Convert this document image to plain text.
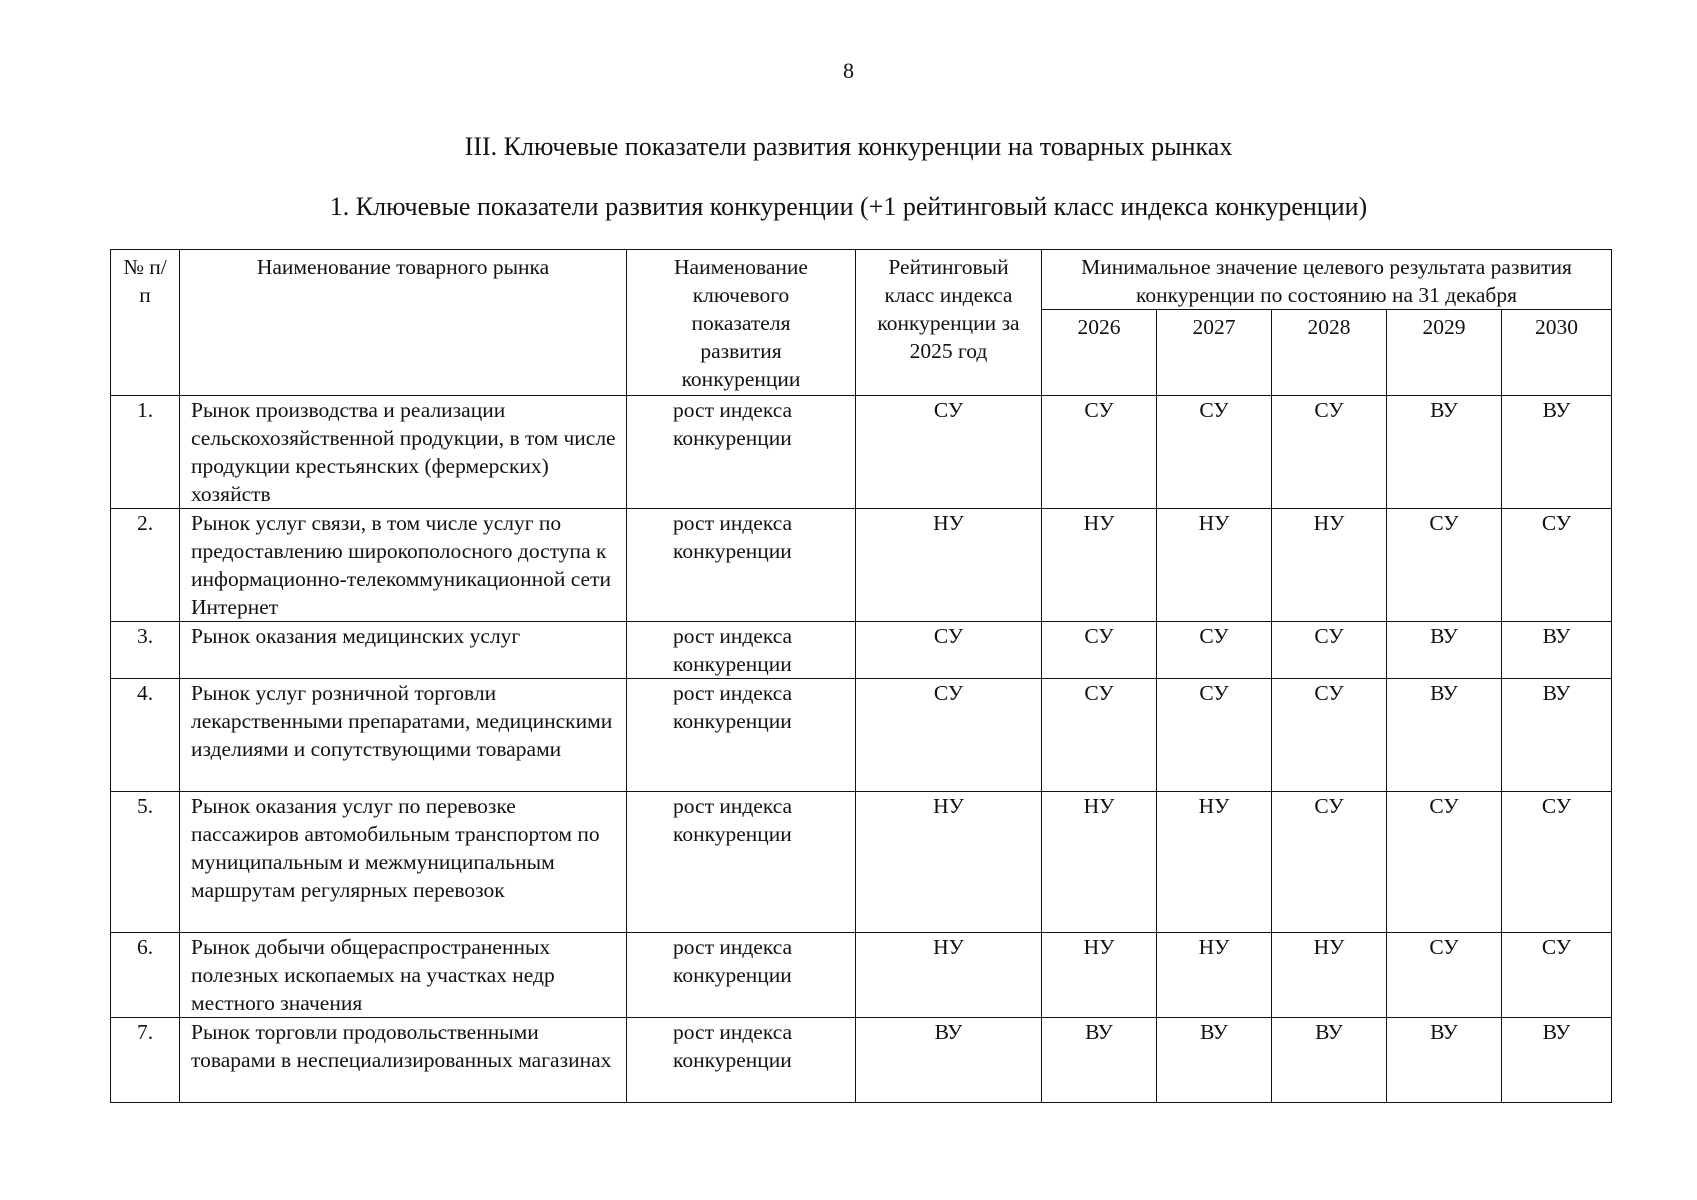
8
III. Ключевые показатели развития конкуренции на товарных рынках
1. Ключевые показатели развития конкуренции (+1 рейтинговый класс индекса конкуренции)
№ п/п	Наименование товарного рынка	Наименование ключевого показателя развития конкуренции	Рейтинговый класс индекса конкуренции за 2025 год	Минимальное значение целевого результата развития конкуренции по состоянию на 31 декабря				
				2026	2027	2028	2029	2030
1.	Рынок производства и реализации сельскохозяйственной продукции, в том числе продукции крестьянских (фермерских) хозяйств	рост индекса конкуренции	СУ	СУ	СУ	СУ	ВУ	ВУ
2.	Рынок услуг связи, в том числе услуг по предоставлению широкополосного доступа к информационно-телекоммуникационной сети Интернет	рост индекса конкуренции	НУ	НУ	НУ	НУ	СУ	СУ
3.	Рынок оказания медицинских услуг	рост индекса конкуренции	СУ	СУ	СУ	СУ	ВУ	ВУ
4.	Рынок услуг розничной торговли лекарственными препаратами, медицинскими изделиями и сопутствующими товарами	рост индекса конкуренции	СУ	СУ	СУ	СУ	ВУ	ВУ
5.	Рынок оказания услуг по перевозке пассажиров автомобильным транспортом по муниципальным и межмуниципальным маршрутам регулярных перевозок	рост индекса конкуренции	НУ	НУ	НУ	СУ	СУ	СУ
6.	Рынок добычи общераспространенных полезных ископаемых на участках недр местного значения	рост индекса конкуренции	НУ	НУ	НУ	НУ	СУ	СУ
7.	Рынок торговли продовольственными товарами в неспециализированных магазинах	рост индекса конкуренции	ВУ	ВУ	ВУ	ВУ	ВУ	ВУ
